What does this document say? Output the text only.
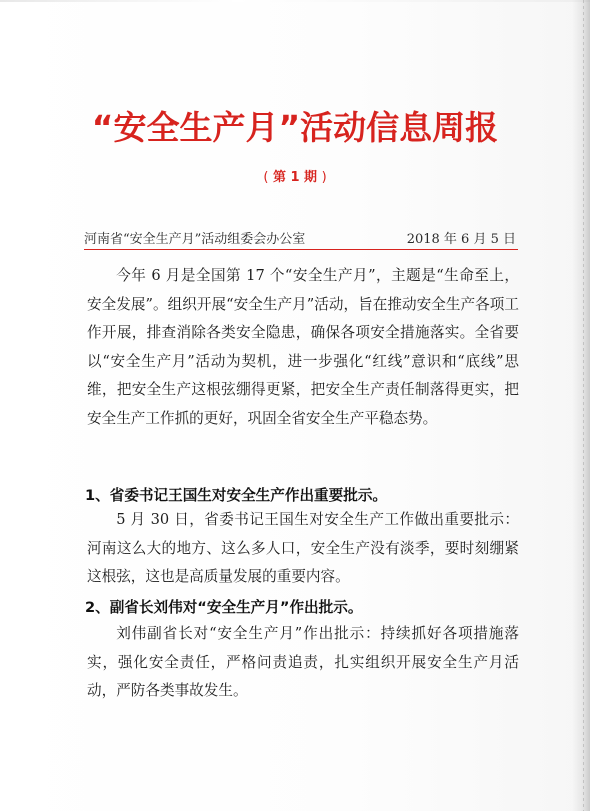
“安全生产月”活动信息周报
( 第 1 期 )
河南省“安全生产月”活动组委会办公室	2018 年 6 月 5 日

今年 6 月是全国第 17 个“安全生产月”，主题是“生命至上，安全发展”。组织开展“安全生产月”活动，旨在推动安全生产各项工作开展，排查消除各类安全隐患，确保各项安全措施落实。全省要以“安全生产月”活动为契机，进一步强化“红线”意识和“底线”思维，把安全生产这根弦绷得更紧，把安全生产责任制落得更实，把安全生产工作抓的更好，巩固全省安全生产平稳态势。

1、省委书记王国生对安全生产作出重要批示。

5 月 30 日，省委书记王国生对安全生产工作做出重要批示：河南这么大的地方、这么多人口，安全生产没有淡季，要时刻绷紧这根弦，这也是高质量发展的重要内容。

2、副省长刘伟对“安全生产月”作出批示。

刘伟副省长对“安全生产月”作出批示：持续抓好各项措施落实，强化安全责任，严格问责追责，扎实组织开展安全生产月活动，严防各类事故发生。
